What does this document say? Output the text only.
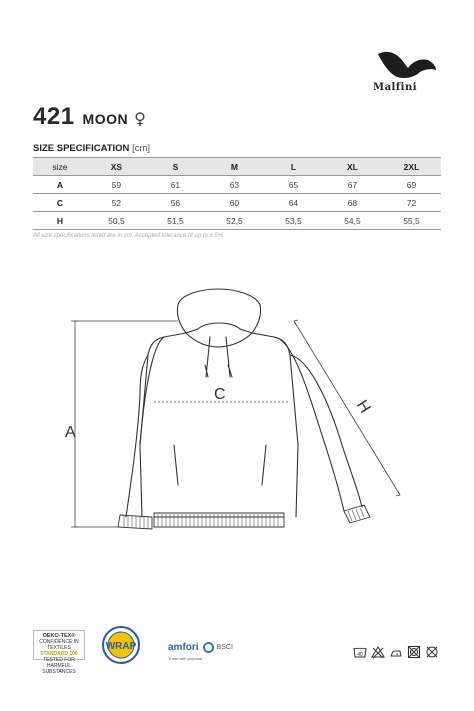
Malfini
421 MOON ♀
SIZE SPECIFICATION [cm]
size	XS	S	M	L	XL	2XL
A	59	61	63	65	67	69
C	52	56	60	64	68	72
H	50,5	51,5	52,5	53,5	54,5	55,5
All size specifications listed are in cm. Accepted tolerance of up to ± 5%
A
C
H
OEKO-TEX®
CONFIDENCE IN TEXTILES
STANDARD 100
TESTED FOR HARMFUL SUBSTANCES
WRAP	amfori	BSCI
Trade with purpose
40
